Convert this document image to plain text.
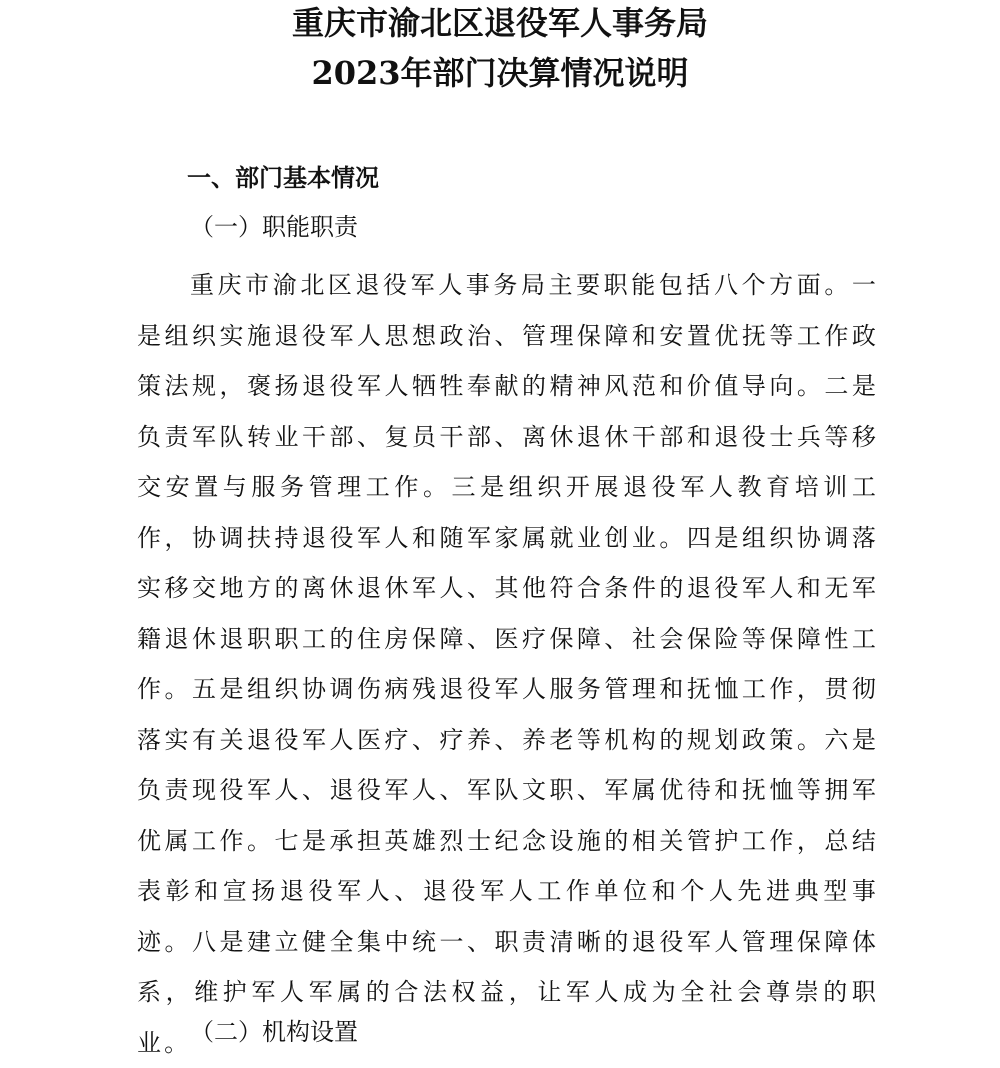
重庆市渝北区退役军人事务局
2023年部门决算情况说明
一、部门基本情况
（一）职能职责
重庆市渝北区退役军人事务局主要职能包括八个方面。一是组织实施退役军人思想政治、管理保障和安置优抚等工作政策法规，褒扬退役军人牺牲奉献的精神风范和价值导向。二是负责军队转业干部、复员干部、离休退休干部和退役士兵等移交安置与服务管理工作。三是组织开展退役军人教育培训工作，协调扶持退役军人和随军家属就业创业。四是组织协调落实移交地方的离休退休军人、其他符合条件的退役军人和无军籍退休退职职工的住房保障、医疗保障、社会保险等保障性工作。五是组织协调伤病残退役军人服务管理和抚恤工作，贯彻落实有关退役军人医疗、疗养、养老等机构的规划政策。六是负责现役军人、退役军人、军队文职、军属优待和抚恤等拥军优属工作。七是承担英雄烈士纪念设施的相关管护工作，总结表彰和宣扬退役军人、退役军人工作单位和个人先进典型事迹。八是建立健全集中统一、职责清晰的退役军人管理保障体系，维护军人军属的合法权益，让军人成为全社会尊崇的职业。
（二）机构设置
